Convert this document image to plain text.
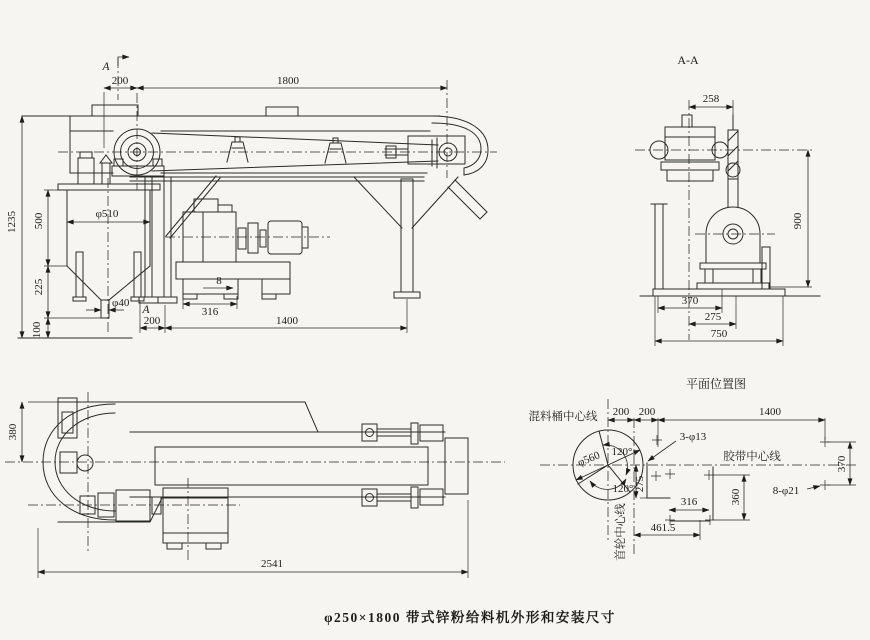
A
200	1800
1235 500
225
100
φ510
φ40
8
316
A
200	1400
A-A
258
900
370
275
750
平面位置图
混料桶中心线
胶带中心线
首轮中心线
200 200	1400
3-φ13
120°
120°
φ560
275
316
461.5
360
370
8-φ21
380
2541
φ250×1800 带式锌粉给料机外形和安装尺寸
